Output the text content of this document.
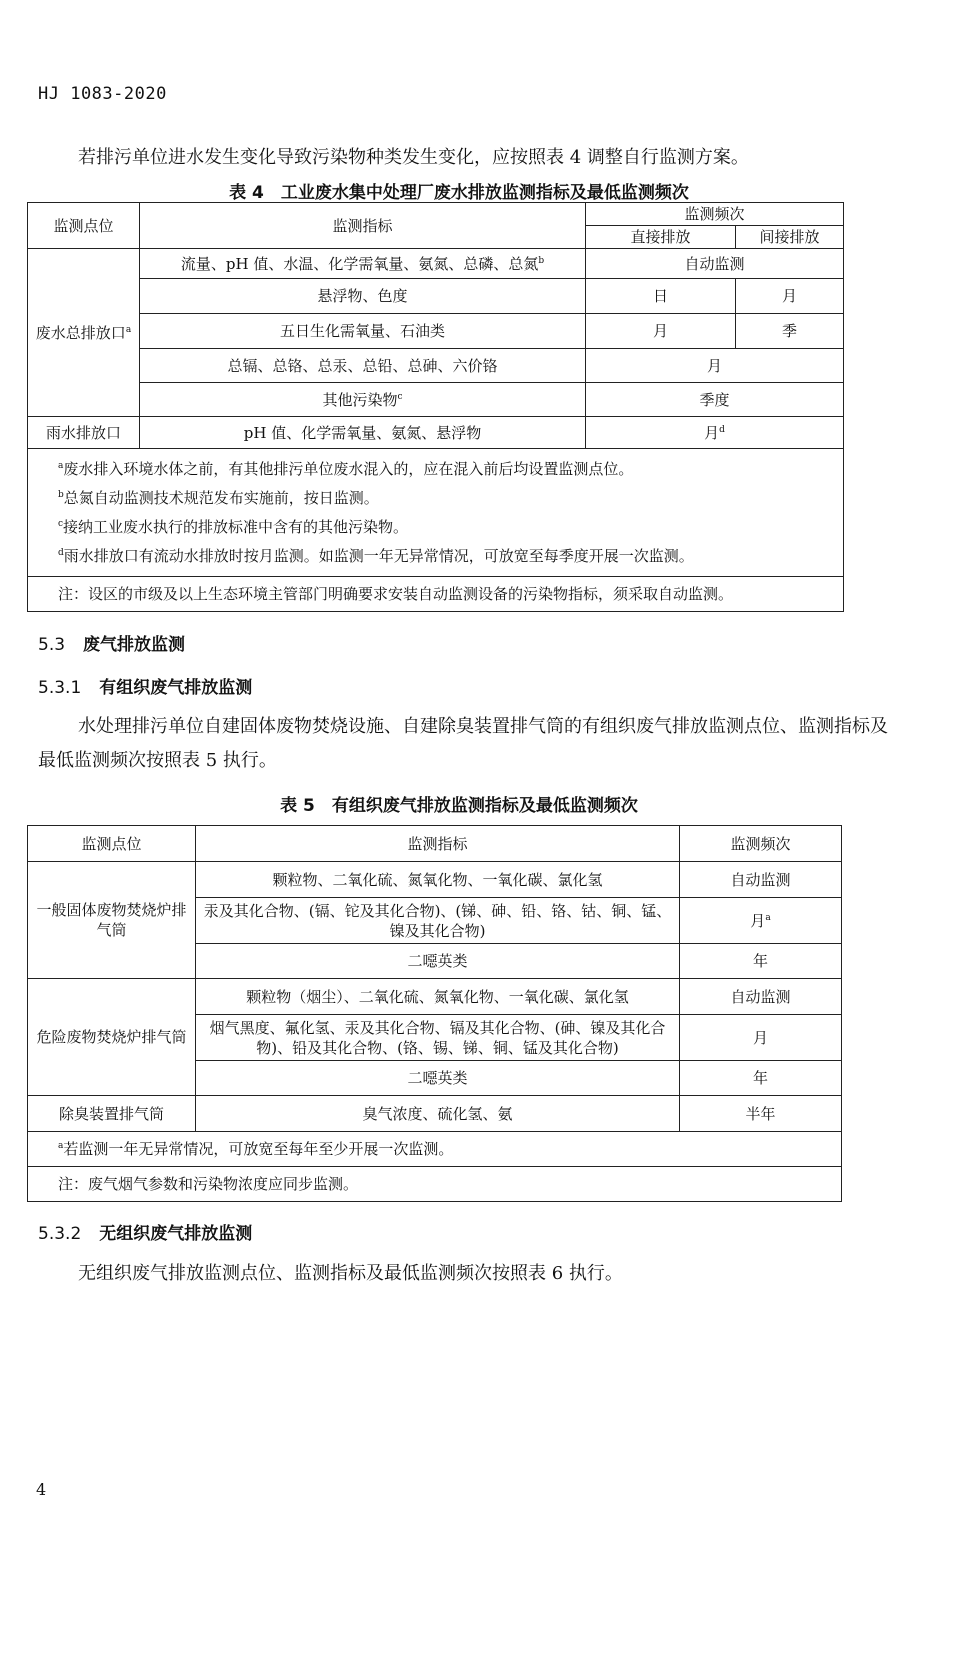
HJ 1083-2020
若排污单位进水发生变化导致污染物种类发生变化，应按照表 4 调整自行监测方案。
表 4　工业废水集中处理厂废水排放监测指标及最低监测频次
监测点位	监测指标	监测频次	
		直接排放	间接排放
废水总排放口$^a$	流量、pH 值、水温、化学需氧量、氨氮、总磷、总氮$^b$	自动监测	
	悬浮物、色度	日	月
	五日生化需氧量、石油类	月	季
	总镉、总铬、总汞、总铅、总砷、六价铬	月	
	其他污染物$^c$	季度	
雨水排放口	pH 值、化学需氧量、氨氮、悬浮物	月$^d$

$^a$废水排入环境水体之前，有其他排污单位废水混入的，应在混入前后均设置监测点位。
$^b$总氮自动监测技术规范发布实施前，按日监测。
$^c$接纳工业废水执行的排放标准中含有的其他污染物。
$^d$雨水排放口有流动水排放时按月监测。如监测一年无异常情况，可放宽至每季度开展一次监测。			

注：设区的市级及以上生态环境主管部门明确要求安装自动监测设备的污染物指标，须采取自动监测。			
5.3 废气排放监测
5.3.1 有组织废气排放监测
水处理排污单位自建固体废物焚烧设施、自建除臭装置排气筒的有组织废气排放监测点位、监测指标及最低监测频次按照表 5 执行。
表 5　有组织废气排放监测指标及最低监测频次
监测点位	监测指标	监测频次
一般固体废物焚烧炉排气筒	颗粒物、二氧化硫、氮氧化物、一氧化碳、氯化氢	自动监测
	汞及其化合物、(镉、铊及其化合物)、(锑、砷、铅、铬、钴、铜、锰、镍及其化合物)	月$^a$
	二噁英类	年
危险废物焚烧炉排气筒	颗粒物（烟尘）、二氧化硫、氮氧化物、一氧化碳、氯化氢	自动监测
	烟气黑度、氟化氢、汞及其化合物、镉及其化合物、(砷、镍及其化合物)、铅及其化合物、(铬、锡、锑、铜、锰及其化合物)	月
	二噁英类	年
除臭装置排气筒	臭气浓度、硫化氢、氨	半年
$^a$若监测一年无异常情况，可放宽至每年至少开展一次监测。		
注：废气烟气参数和污染物浓度应同步监测。		
5.3.2 无组织废气排放监测
无组织废气排放监测点位、监测指标及最低监测频次按照表 6 执行。
4
